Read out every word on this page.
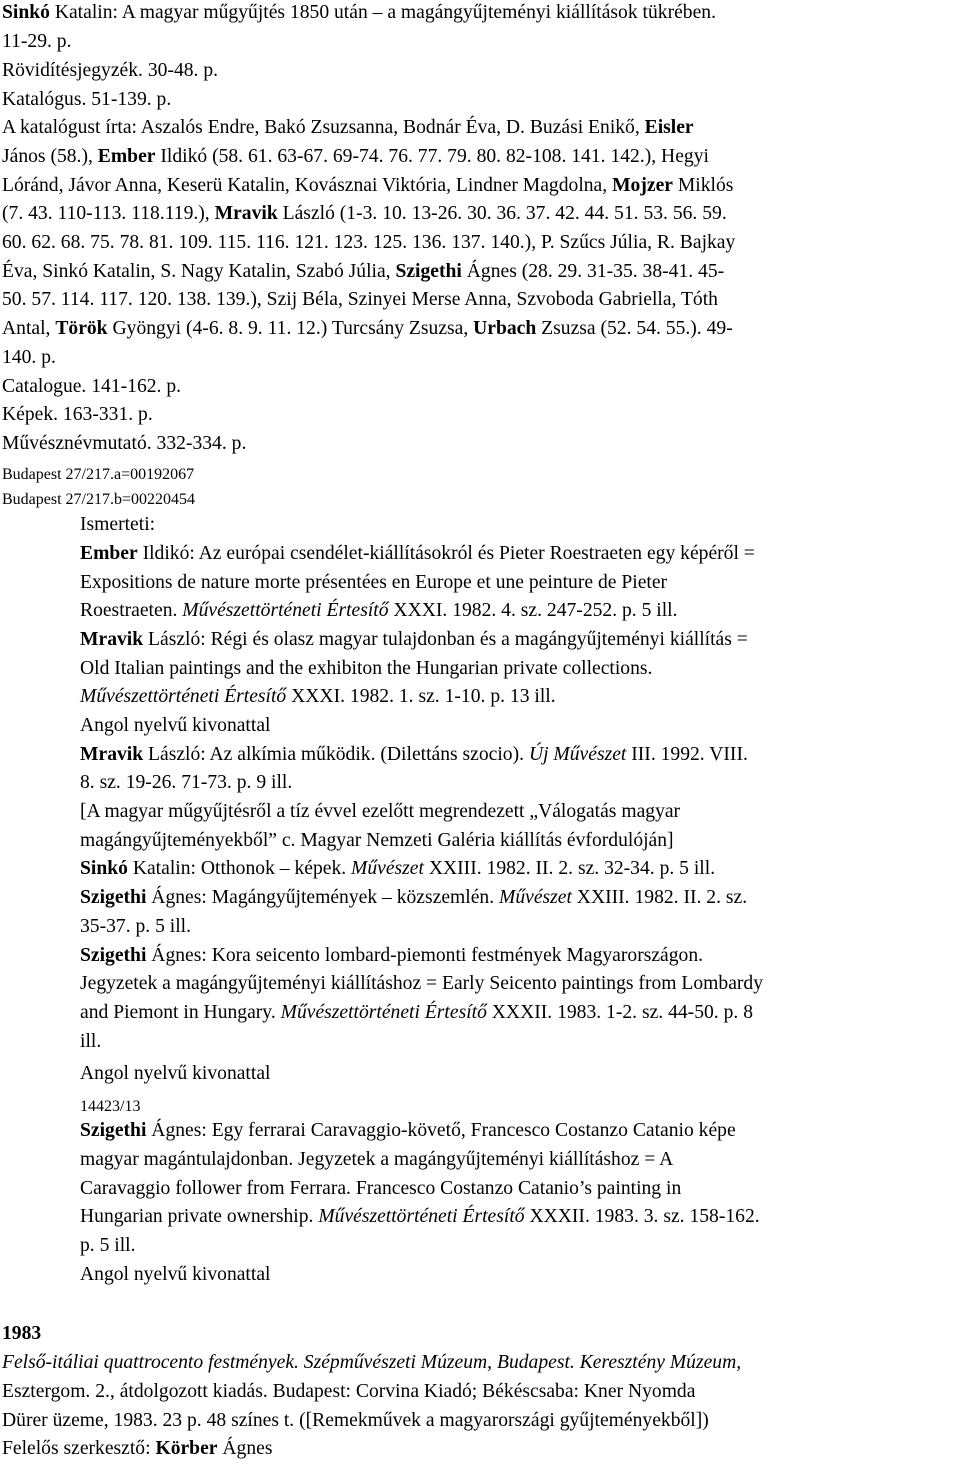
Sinkó Katalin: A magyar műgyűjtés 1850 után – a magángyűjteményi kiállítások tükrében.

11-29. p.

Rövidítésjegyzék. 30-48. p.

Katalógus. 51-139. p.

A katalógust írta: Aszalós Endre, Bakó Zsuzsanna, Bodnár Éva, D. Buzási Enikő, Eisler

János (58.), Ember Ildikó (58. 61. 63-67. 69-74. 76. 77. 79. 80. 82-108. 141. 142.), Hegyi

Lóránd, Jávor Anna, Keserü Katalin, Kovásznai Viktória, Lindner Magdolna, Mojzer Miklós

(7. 43. 110-113. 118.119.), Mravik László (1-3. 10. 13-26. 30. 36. 37. 42. 44. 51. 53. 56. 59.

60. 62. 68. 75. 78. 81. 109. 115. 116. 121. 123. 125. 136. 137. 140.), P. Szűcs Júlia, R. Bajkay

Éva, Sinkó Katalin, S. Nagy Katalin, Szabó Júlia, Szigethi Ágnes (28. 29. 31-35. 38-41. 45-

50. 57. 114. 117. 120. 138. 139.), Szij Béla, Szinyei Merse Anna, Szvoboda Gabriella, Tóth

Antal, Török Gyöngyi (4-6. 8. 9. 11. 12.) Turcsány Zsuzsa, Urbach Zsuzsa (52. 54. 55.). 49-

140. p.

Catalogue. 141-162. p.

Képek. 163-331. p.

Művésznévmutató. 332-334. p.

Budapest 27/217.a=00192067

Budapest 27/217.b=00220454

Ismerteti:

Ember Ildikó: Az európai csendélet-kiállításokról és Pieter Roestraeten egy képéről =

Expositions de nature morte présentées en Europe et une peinture de Pieter

Roestraeten. Művészettörténeti Értesítő XXXI. 1982. 4. sz. 247-252. p. 5 ill.

Mravik László: Régi és olasz magyar tulajdonban és a magángyűjteményi kiállítás =

Old Italian paintings and the exhibiton the Hungarian private collections.

Művészettörténeti Értesítő XXXI. 1982. 1. sz. 1-10. p. 13 ill.

Angol nyelvű kivonattal

Mravik László: Az alkímia működik. (Dilettáns szocio). Új Művészet III. 1992. VIII.

8. sz. 19-26. 71-73. p. 9 ill.

[A magyar műgyűjtésről a tíz évvel ezelőtt megrendezett „Válogatás magyar

magángyűjteményekből” c. Magyar Nemzeti Galéria kiállítás évfordulóján]

Sinkó Katalin: Otthonok – képek. Művészet XXIII. 1982. II. 2. sz. 32-34. p. 5 ill.

Szigethi Ágnes: Magángyűjtemények – közszemlén. Művészet XXIII. 1982. II. 2. sz.

35-37. p. 5 ill.

Szigethi Ágnes: Kora seicento lombard-piemonti festmények Magyarországon.

Jegyzetek a magángyűjteményi kiállításhoz = Early Seicento paintings from Lombardy

and Piemont in Hungary. Művészettörténeti Értesítő XXXII. 1983. 1-2. sz. 44-50. p. 8

ill.

Angol nyelvű kivonattal

14423/13

Szigethi Ágnes: Egy ferrarai Caravaggio-követő, Francesco Costanzo Catanio képe

magyar magántulajdonban. Jegyzetek a magángyűjteményi kiállításhoz = A

Caravaggio follower from Ferrara. Francesco Costanzo Catanio’s painting in

Hungarian private ownership. Művészettörténeti Értesítő XXXII. 1983. 3. sz. 158-162.

p. 5 ill.

Angol nyelvű kivonattal

1983

Felső-itáliai quattrocento festmények. Szépművészeti Múzeum, Budapest. Keresztény Múzeum,

Esztergom. 2., átdolgozott kiadás. Budapest: Corvina Kiadó; Békéscsaba: Kner Nyomda

Dürer üzeme, 1983. 23 p. 48 színes t. ([Remekművek a magyarországi gyűjteményekből])

Felelős szerkesztő: Körber Ágnes
